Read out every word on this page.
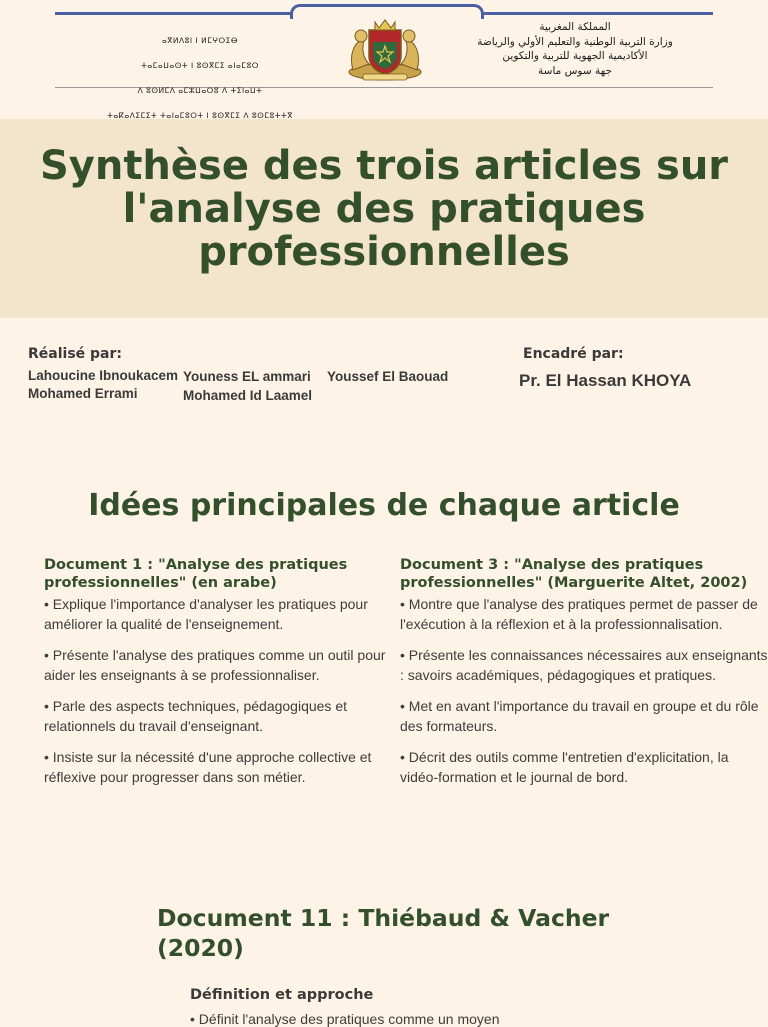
ⴰⴳⵍⴷⵓⵏ ⵏ ⵍⵎⵖⵔⵉⴱ

ⵜⴰⵎⴰⵡⴰⵙⵜ ⵏ ⵓⵙⴳⵎⵉ ⴰⵏⴰⵎⵓⵔ

ⴷ ⵓⵙⵍⵎⴷ ⴰⵎⵣⵡⴰⵔⵓ ⴷ ⵜⵉⵏⴰⵡⵜ

ⵜⴰⴽⴰⴷⵉⵎⵉⵜ ⵜⴰⵏⴰⵎⵓⵔⵜ ⵏ ⵓⵙⴳⵎⵉ ⴷ ⵓⵙⵎⵓⵜⵜⴳ

المملكة المغربية
وزارة التربية الوطنية والتعليم الأولي والرياضة
الأكاديمية الجهوية للتربية والتكوين
جهة سوس ماسة
Synthèse des trois articles sur l'analyse des pratiques professionnelles
Réalisé par:
Lahoucine Ibnoukacem
Mohamed Errami
Youness EL ammari
Mohamed Id Laamel
Youssef El Baouad
Encadré par:
Pr. El Hassan KHOYA
Idées principales de chaque article

Document 1 : "Analyse des pratiques professionnelles" (en arabe)

• Explique l'importance d'analyser les pratiques pour améliorer la qualité de l'enseignement.

• Présente l'analyse des pratiques comme un outil pour aider les enseignants à se professionnaliser.

• Parle des aspects techniques, pédagogiques et relationnels du travail d'enseignant.

• Insiste sur la nécessité d'une approche collective et réflexive pour progresser dans son métier.

Document 3 : "Analyse des pratiques professionnelles" (Marguerite Altet, 2002)

• Montre que l'analyse des pratiques permet de passer de l'exécution à la réflexion et à la professionnalisation.

• Présente les connaissances nécessaires aux enseignants : savoirs académiques, pédagogiques et pratiques.

• Met en avant l'importance du travail en groupe et du rôle des formateurs.

• Décrit des outils comme l'entretien d'explicitation, la vidéo-formation et le journal de bord.

Document 11 : Thiébaud & Vacher (2020)
Définition et approche
• Définit l'analyse des pratiques comme un moyen
